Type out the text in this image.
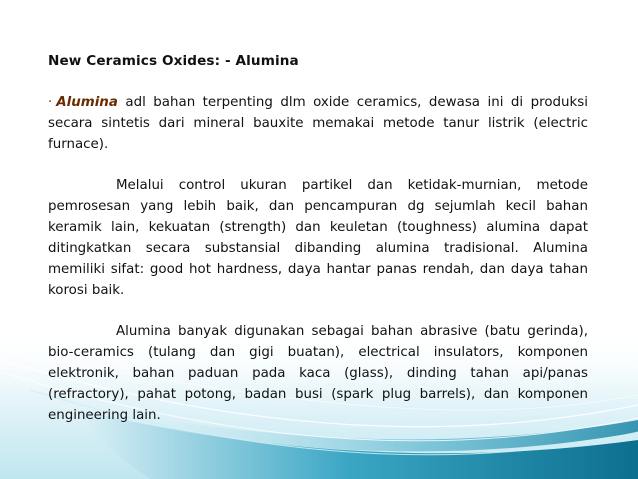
New Ceramics Oxides: - Alumina

· Alumina adl bahan terpenting dlm oxide ceramics, dewasa ini di produksi secara sintetis dari mineral bauxite memakai metode tanur listrik (electric furnace).

Melalui control ukuran partikel dan ketidak-murnian, metode pemrosesan yang lebih baik, dan pencampuran dg sejumlah kecil bahan keramik lain, kekuatan (strength) dan keuletan (toughness) alumina dapat ditingkatkan secara substansial dibanding alumina tradisional. Alumina memiliki sifat: good hot hardness, daya hantar panas rendah, dan daya tahan korosi baik.

Alumina banyak digunakan sebagai bahan abrasive (batu gerinda), bio-ceramics (tulang dan gigi buatan), electrical insulators, komponen elektronik, bahan paduan pada kaca (glass), dinding tahan api/panas (refractory), pahat potong, badan busi (spark plug barrels), dan komponen engineering lain.
